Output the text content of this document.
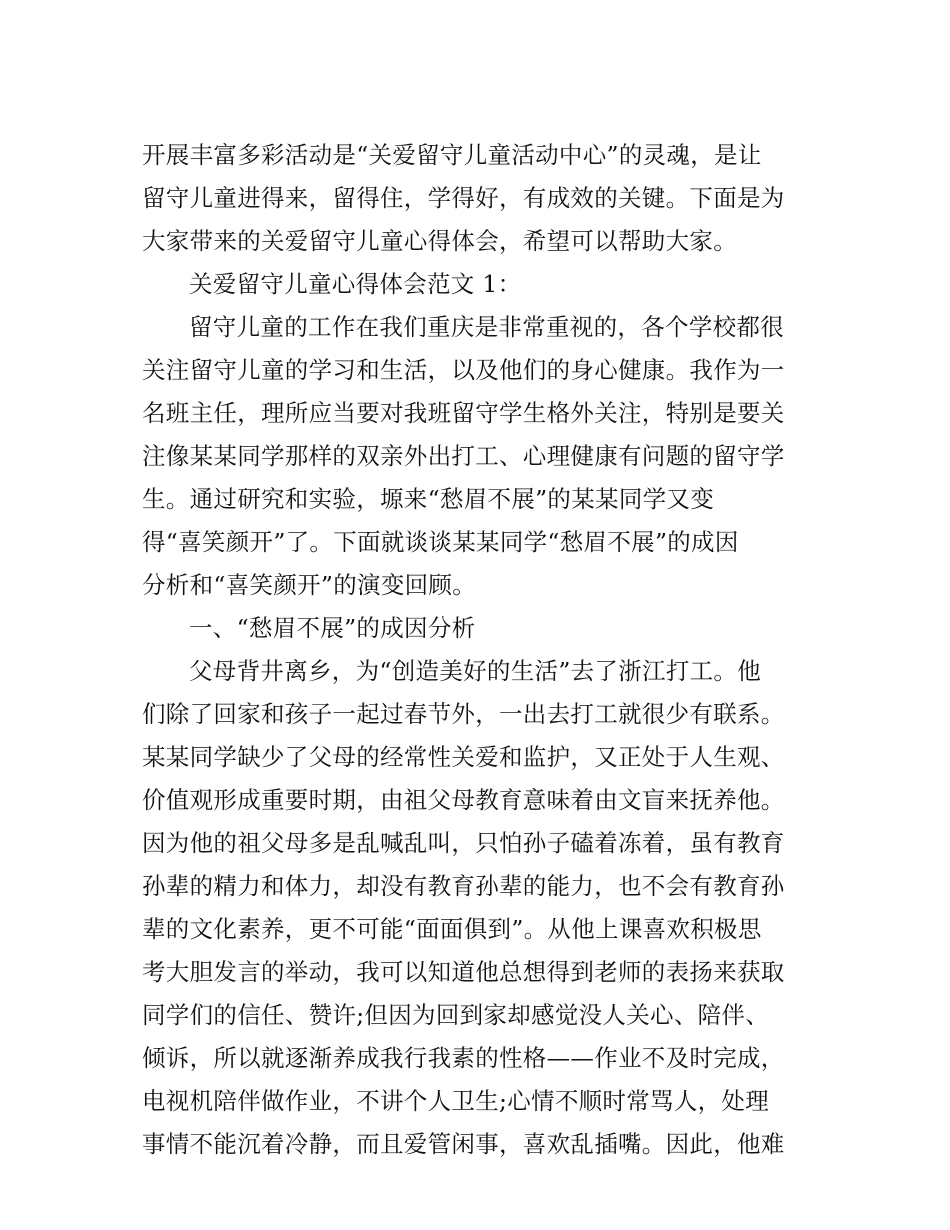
开展丰富多彩活动是“关爱留守儿童活动中心”的灵魂，是让
留守儿童进得来，留得住，学得好，有成效的关键。下面是为
大家带来的关爱留守儿童心得体会，希望可以帮助大家。
关爱留守儿童心得体会范文 1：
留守儿童的工作在我们重庆是非常重视的，各个学校都很
关注留守儿童的学习和生活，以及他们的身心健康。我作为一
名班主任，理所应当要对我班留守学生格外关注，特别是要关
注像某某同学那样的双亲外出打工、心理健康有问题的留守学
生。通过研究和实验，塬来“愁眉不展”的某某同学又变
得“喜笑颜开”了。下面就谈谈某某同学“愁眉不展”的成因
分析和“喜笑颜开”的演变回顾。
一、“愁眉不展”的成因分析
父母背井离乡，为“创造美好的生活”去了浙江打工。他
们除了回家和孩子一起过春节外，一出去打工就很少有联系。
某某同学缺少了父母的经常性关爱和监护，又正处于人生观、
价值观形成重要时期，由祖父母教育意味着由文盲来抚养他。
因为他的祖父母多是乱喊乱叫，只怕孙子磕着冻着，虽有教育
孙辈的精力和体力，却没有教育孙辈的能力，也不会有教育孙
辈的文化素养，更不可能“面面俱到”。从他上课喜欢积极思
考大胆发言的举动，我可以知道他总想得到老师的表扬来获取
同学们的信任、赞许;但因为回到家却感觉没人关心、陪伴、
倾诉，所以就逐渐养成我行我素的性格——作业不及时完成，
电视机陪伴做作业，不讲个人卫生;心情不顺时常骂人，处理
事情不能沉着冷静，而且爱管闲事，喜欢乱插嘴。因此，他难
